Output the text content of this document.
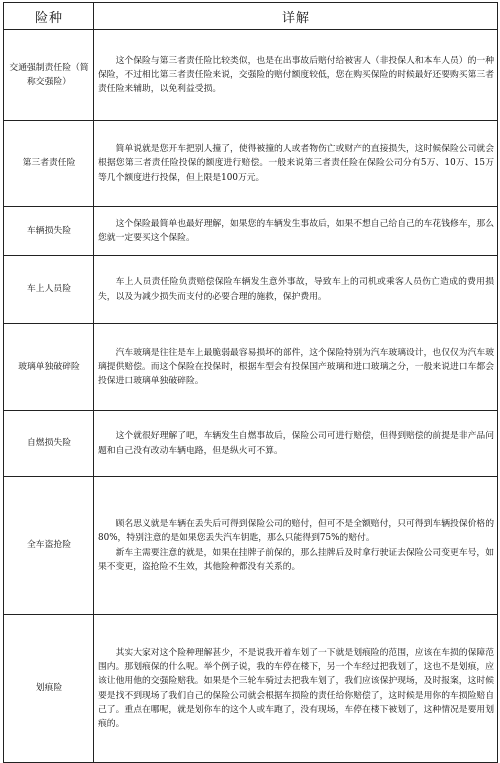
险种	详解
交通强制责任险（简称交强险）	这个保险与第三者责任险比较类似，也是在出事故后赔付给被害人（非投保人和本车人员）的一种保险，不过相比第三者责任险来说，交强险的赔付额度较低，您在购买保险的时候最好还要购买第三者责任险来辅助，以免利益受损。

第三者责任险	简单说就是您开车把别人撞了，使得被撞的人或者物伤亡或财产的直接损失，这时候保险公司就会根据您第三者责任险投保的额度进行赔偿。一般来说第三者责任险在保险公司分有5万、10万、15万等几个额度进行投保，但上限是100万元。

车辆损失险	这个保险最简单也最好理解，如果您的车辆发生事故后，如果不想自己给自己的车花钱修车，那么您就一定要买这个保险。

车上人员险	车上人员责任险负责赔偿保险车辆发生意外事故，导致车上的司机或乘客人员伤亡造成的费用损失，以及为减少损失而支付的必要合理的施救，保护费用。

玻璃单独破碎险	汽车玻璃是往往是车上最脆弱最容易损坏的部件，这个保险特别为汽车玻璃设计，也仅仅为汽车玻璃提供赔偿。而这个保险在投保时，根据车型会有投保国产玻璃和进口玻璃之分，一般来说进口车都会投保进口玻璃单独破碎险。

自燃损失险	这个就很好理解了吧，车辆发生自燃事故后，保险公司可进行赔偿，但得到赔偿的前提是非产品问题和自己没有改动车辆电路，但是纵火可不算。

全车盗抢险	顾名思义就是车辆在丢失后可得到保险公司的赔付，但可不是全额赔付，只可得到车辆投保价格的80%，特别注意的是如果您丢失汽车钥匙，那么只能得到75%的赔付。

新车主需要注意的就是，如果在挂牌子前保的，那么挂牌后及时拿行驶证去保险公司变更车号，如果不变更，盗抢险不生效，其他险种都没有关系的。

划痕险	其实大家对这个险种理解甚少，不是说我开着车划了一下就是划痕险的范围，应该在车损的保障范围内。那划痕保的什么呢。举个例子说，我的车停在楼下，另一个车经过把我划了，这也不是划痕，应该让他用他的交强险赔我。如果是个三轮车骑过去把我车划了，我们应该保护现场，及时报案，这时候要是找不到现场了我们自己的保险公司就会根据车损险的责任给你赔偿了，这时候是用你的车损险赔自己了。重点在哪呢，就是划你车的这个人或车跑了，没有现场，车停在楼下被划了，这种情况是要用划痕的。
